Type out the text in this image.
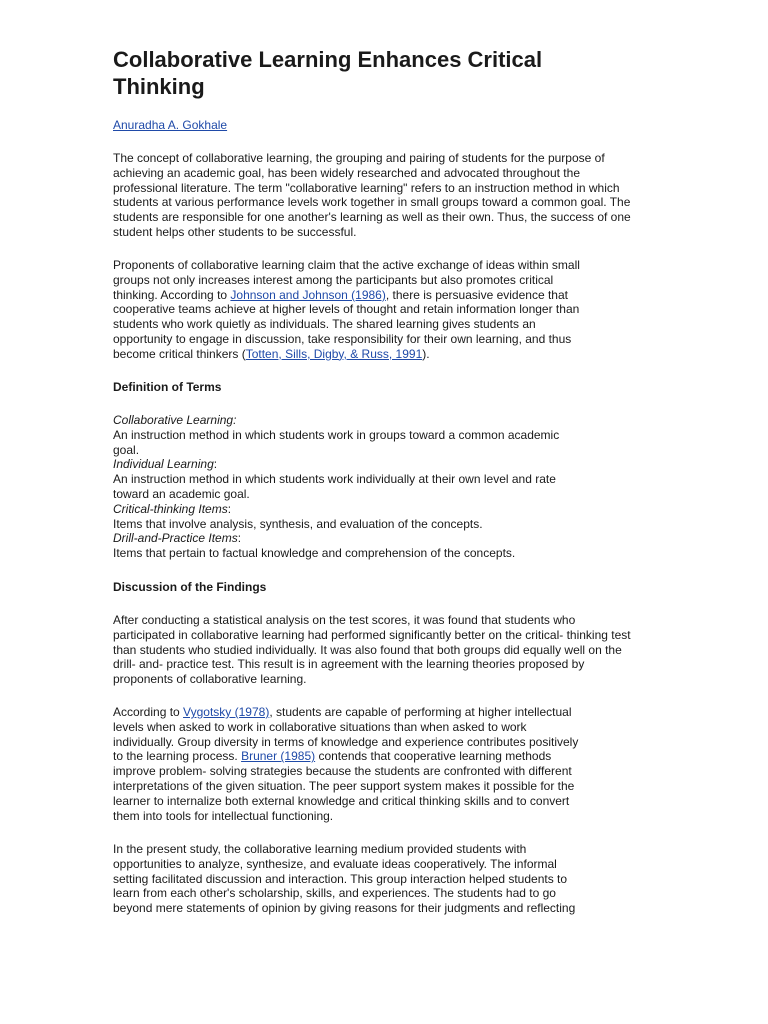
Collaborative Learning Enhances Critical
Thinking
Anuradha A. Gokhale

The concept of collaborative learning, the grouping and pairing of students for the purpose of
achieving an academic goal, has been widely researched and advocated throughout the
professional literature. The term "collaborative learning" refers to an instruction method in which
students at various performance levels work together in small groups toward a common goal. The
students are responsible for one another's learning as well as their own. Thus, the success of one
student helps other students to be successful.

Proponents of collaborative learning claim that the active exchange of ideas within small
groups not only increases interest among the participants but also promotes critical
thinking. According to Johnson and Johnson (1986), there is persuasive evidence that
cooperative teams achieve at higher levels of thought and retain information longer than
students who work quietly as individuals. The shared learning gives students an
opportunity to engage in discussion, take responsibility for their own learning, and thus
become critical thinkers (Totten, Sills, Digby, & Russ, 1991).

Definition of Terms
Collaborative Learning:
An instruction method in which students work in groups toward a common academic
goal.
Individual Learning:
An instruction method in which students work individually at their own level and rate
toward an academic goal.
Critical-thinking Items:
Items that involve analysis, synthesis, and evaluation of the concepts.
Drill-and-Practice Items:
Items that pertain to factual knowledge and comprehension of the concepts.
Discussion of the Findings

After conducting a statistical analysis on the test scores, it was found that students who
participated in collaborative learning had performed significantly better on the critical- thinking test
than students who studied individually. It was also found that both groups did equally well on the
drill- and- practice test. This result is in agreement with the learning theories proposed by
proponents of collaborative learning.

According to Vygotsky (1978), students are capable of performing at higher intellectual
levels when asked to work in collaborative situations than when asked to work
individually. Group diversity in terms of knowledge and experience contributes positively
to the learning process. Bruner (1985) contends that cooperative learning methods
improve problem- solving strategies because the students are confronted with different
interpretations of the given situation. The peer support system makes it possible for the
learner to internalize both external knowledge and critical thinking skills and to convert
them into tools for intellectual functioning.

In the present study, the collaborative learning medium provided students with
opportunities to analyze, synthesize, and evaluate ideas cooperatively. The informal
setting facilitated discussion and interaction. This group interaction helped students to
learn from each other's scholarship, skills, and experiences. The students had to go
beyond mere statements of opinion by giving reasons for their judgments and reflecting
